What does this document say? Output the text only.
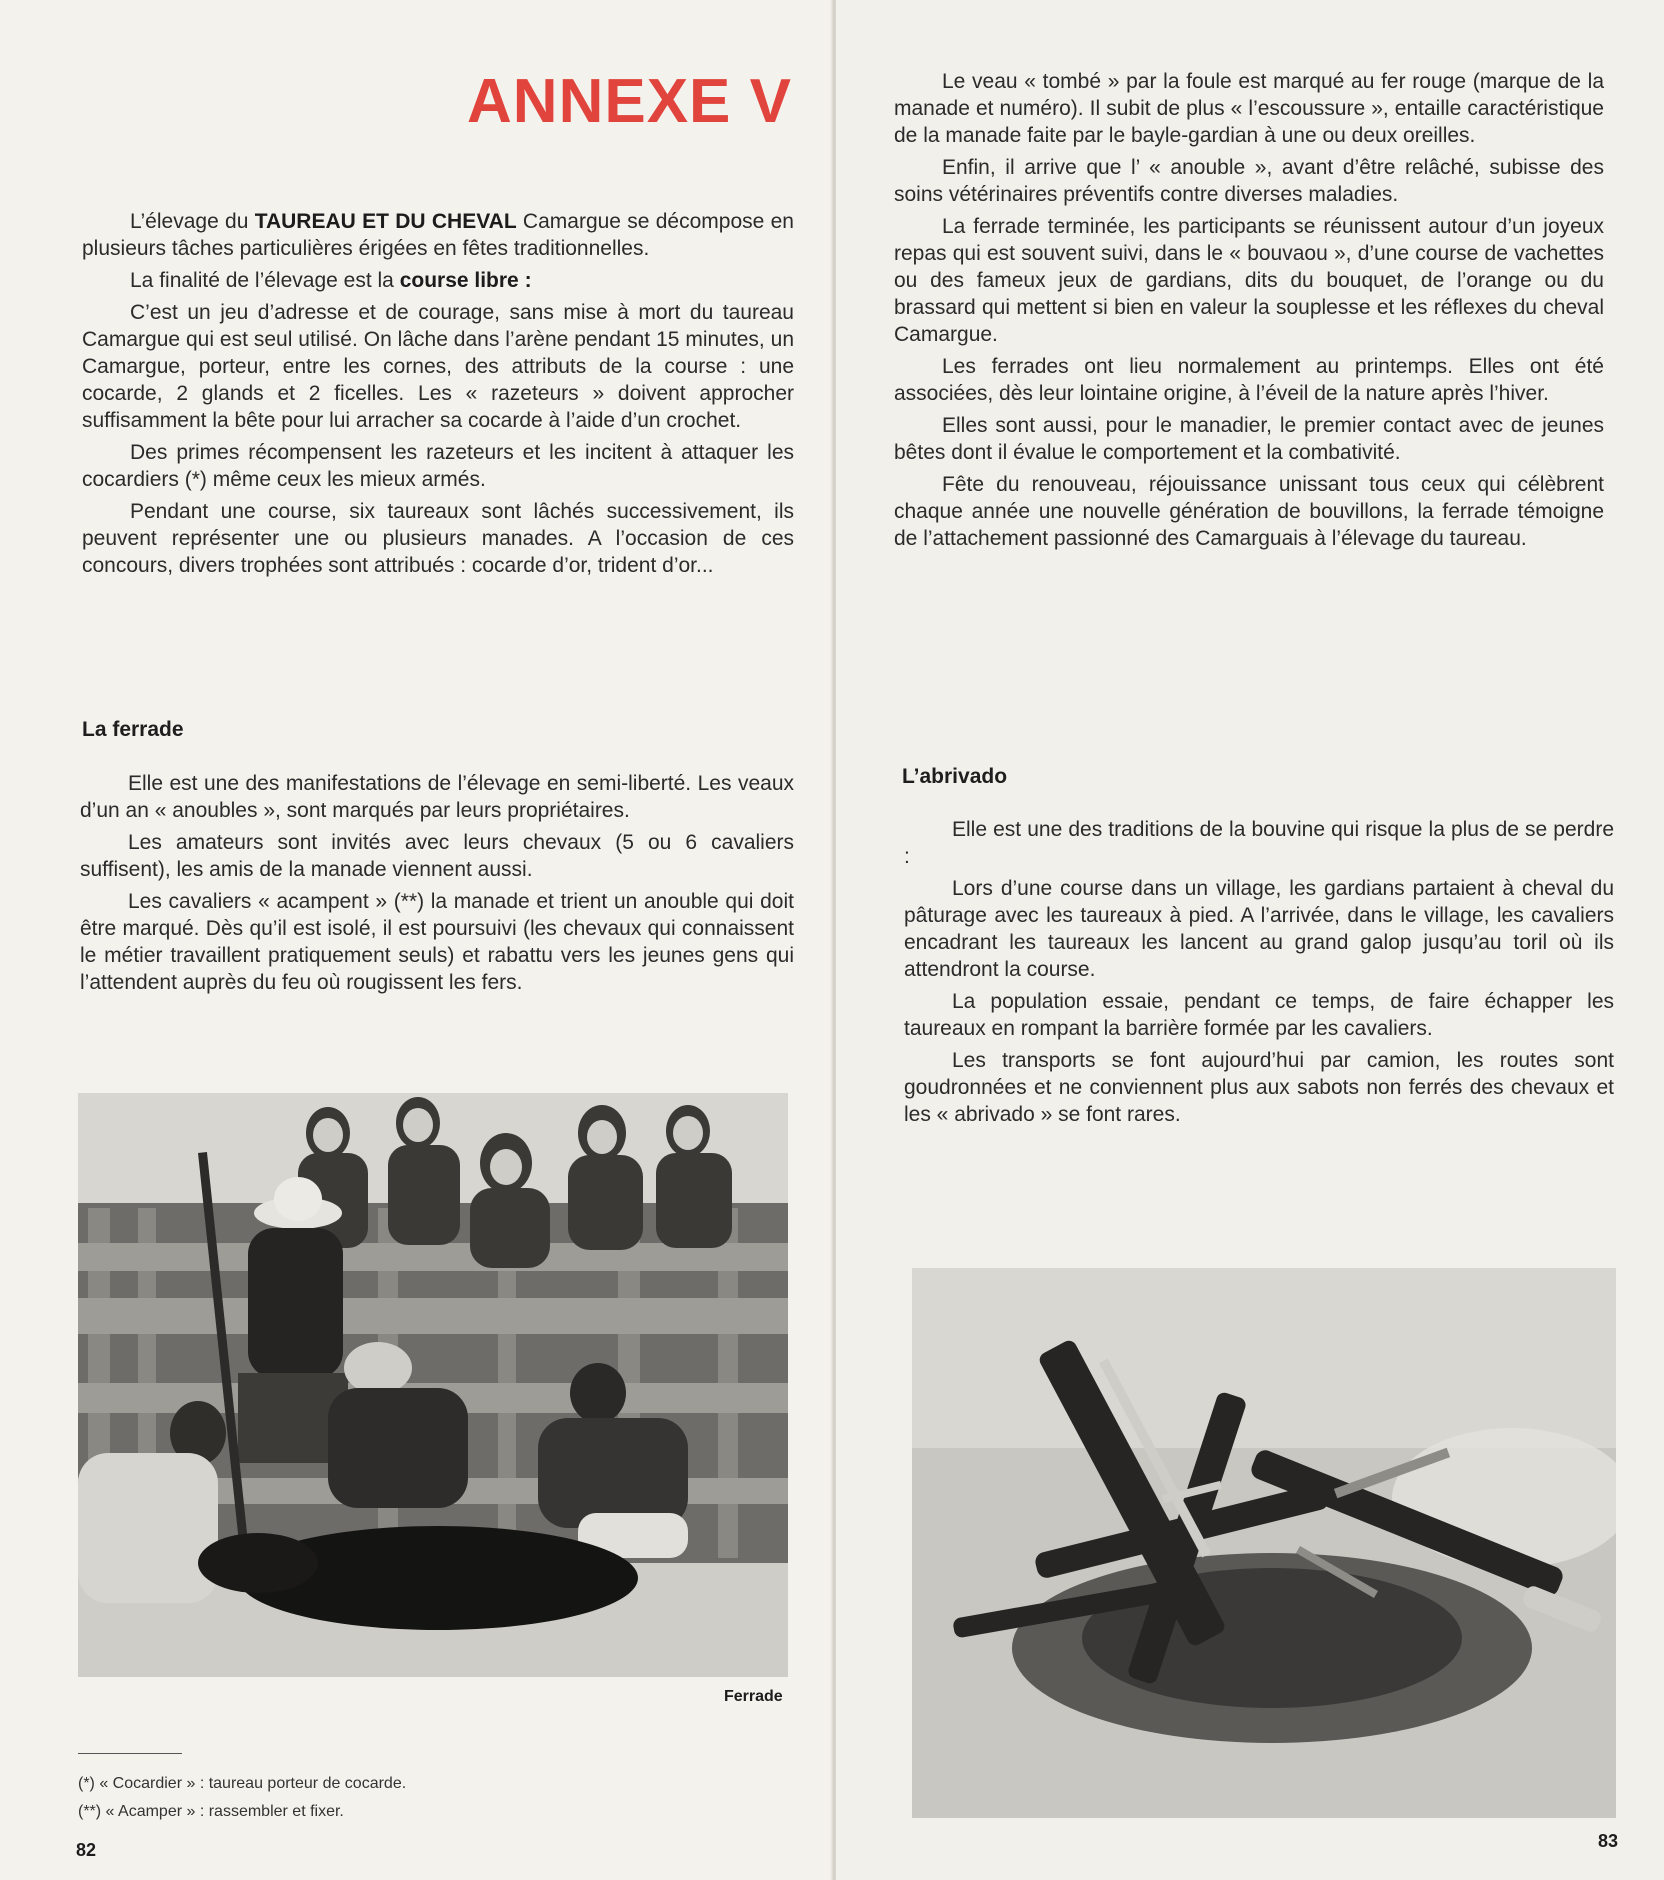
ANNEXE V

L’élevage du TAUREAU ET DU CHEVAL Camargue se décompose en plusieurs tâches particulières érigées en fêtes traditionnelles.

La finalité de l’élevage est la course libre :

C’est un jeu d’adresse et de courage, sans mise à mort du taureau Camargue qui est seul utilisé. On lâche dans l’arène pendant 15 minutes, un Camargue, porteur, entre les cornes, des attributs de la course : une cocarde, 2 glands et 2 ficelles. Les « razeteurs » doivent approcher suffisamment la bête pour lui arracher sa cocarde à l’aide d’un crochet.

Des primes récompensent les razeteurs et les incitent à attaquer les cocardiers (*) même ceux les mieux armés.

Pendant une course, six taureaux sont lâchés successivement, ils peuvent représenter une ou plusieurs manades. A l’occasion de ces concours, divers trophées sont attribués : cocarde d’or, trident d’or...

La ferrade

Elle est une des manifestations de l’élevage en semi-liberté. Les veaux d’un an « anoubles », sont marqués par leurs propriétaires.

Les amateurs sont invités avec leurs chevaux (5 ou 6 cavaliers suffisent), les amis de la manade viennent aussi.

Les cavaliers « acampent » (**) la manade et trient un anouble qui doit être marqué. Dès qu’il est isolé, il est poursuivi (les chevaux qui connaissent le métier travaillent pratiquement seuls) et rabattu vers les jeunes gens qui l’attendent auprès du feu où rougissent les fers.

Ferrade
(*) « Cocardier » : taureau porteur de cocarde.
(**) « Acamper » : rassembler et fixer.
82

Le veau « tombé » par la foule est marqué au fer rouge (marque de la manade et numéro). Il subit de plus « l’escoussure », entaille caractéristique de la manade faite par le bayle-gardian à une ou deux oreilles.

Enfin, il arrive que l’ « anouble », avant d’être relâché, subisse des soins vétérinaires préventifs contre diverses maladies.

La ferrade terminée, les participants se réunissent autour d’un joyeux repas qui est souvent suivi, dans le « bouvaou », d’une course de vachettes ou des fameux jeux de gardians, dits du bouquet, de l’orange ou du brassard qui mettent si bien en valeur la souplesse et les réflexes du cheval Camargue.

Les ferrades ont lieu normalement au printemps. Elles ont été associées, dès leur lointaine origine, à l’éveil de la nature après l’hiver.

Elles sont aussi, pour le manadier, le premier contact avec de jeunes bêtes dont il évalue le comportement et la combativité.

Fête du renouveau, réjouissance unissant tous ceux qui célèbrent chaque année une nouvelle génération de bouvillons, la ferrade témoigne de l’attachement passionné des Camarguais à l’élevage du taureau.

L’abrivado

Elle est une des traditions de la bouvine qui risque la plus de se perdre :

Lors d’une course dans un village, les gardians partaient à cheval du pâturage avec les taureaux à pied. A l’arrivée, dans le village, les cavaliers encadrant les taureaux les lancent au grand galop jusqu’au toril où ils attendront la course.

La population essaie, pendant ce temps, de faire échapper les taureaux en rompant la barrière formée par les cavaliers.

Les transports se font aujourd’hui par camion, les routes sont goudronnées et ne conviennent plus aux sabots non ferrés des chevaux et les « abrivado » se font rares.

83
